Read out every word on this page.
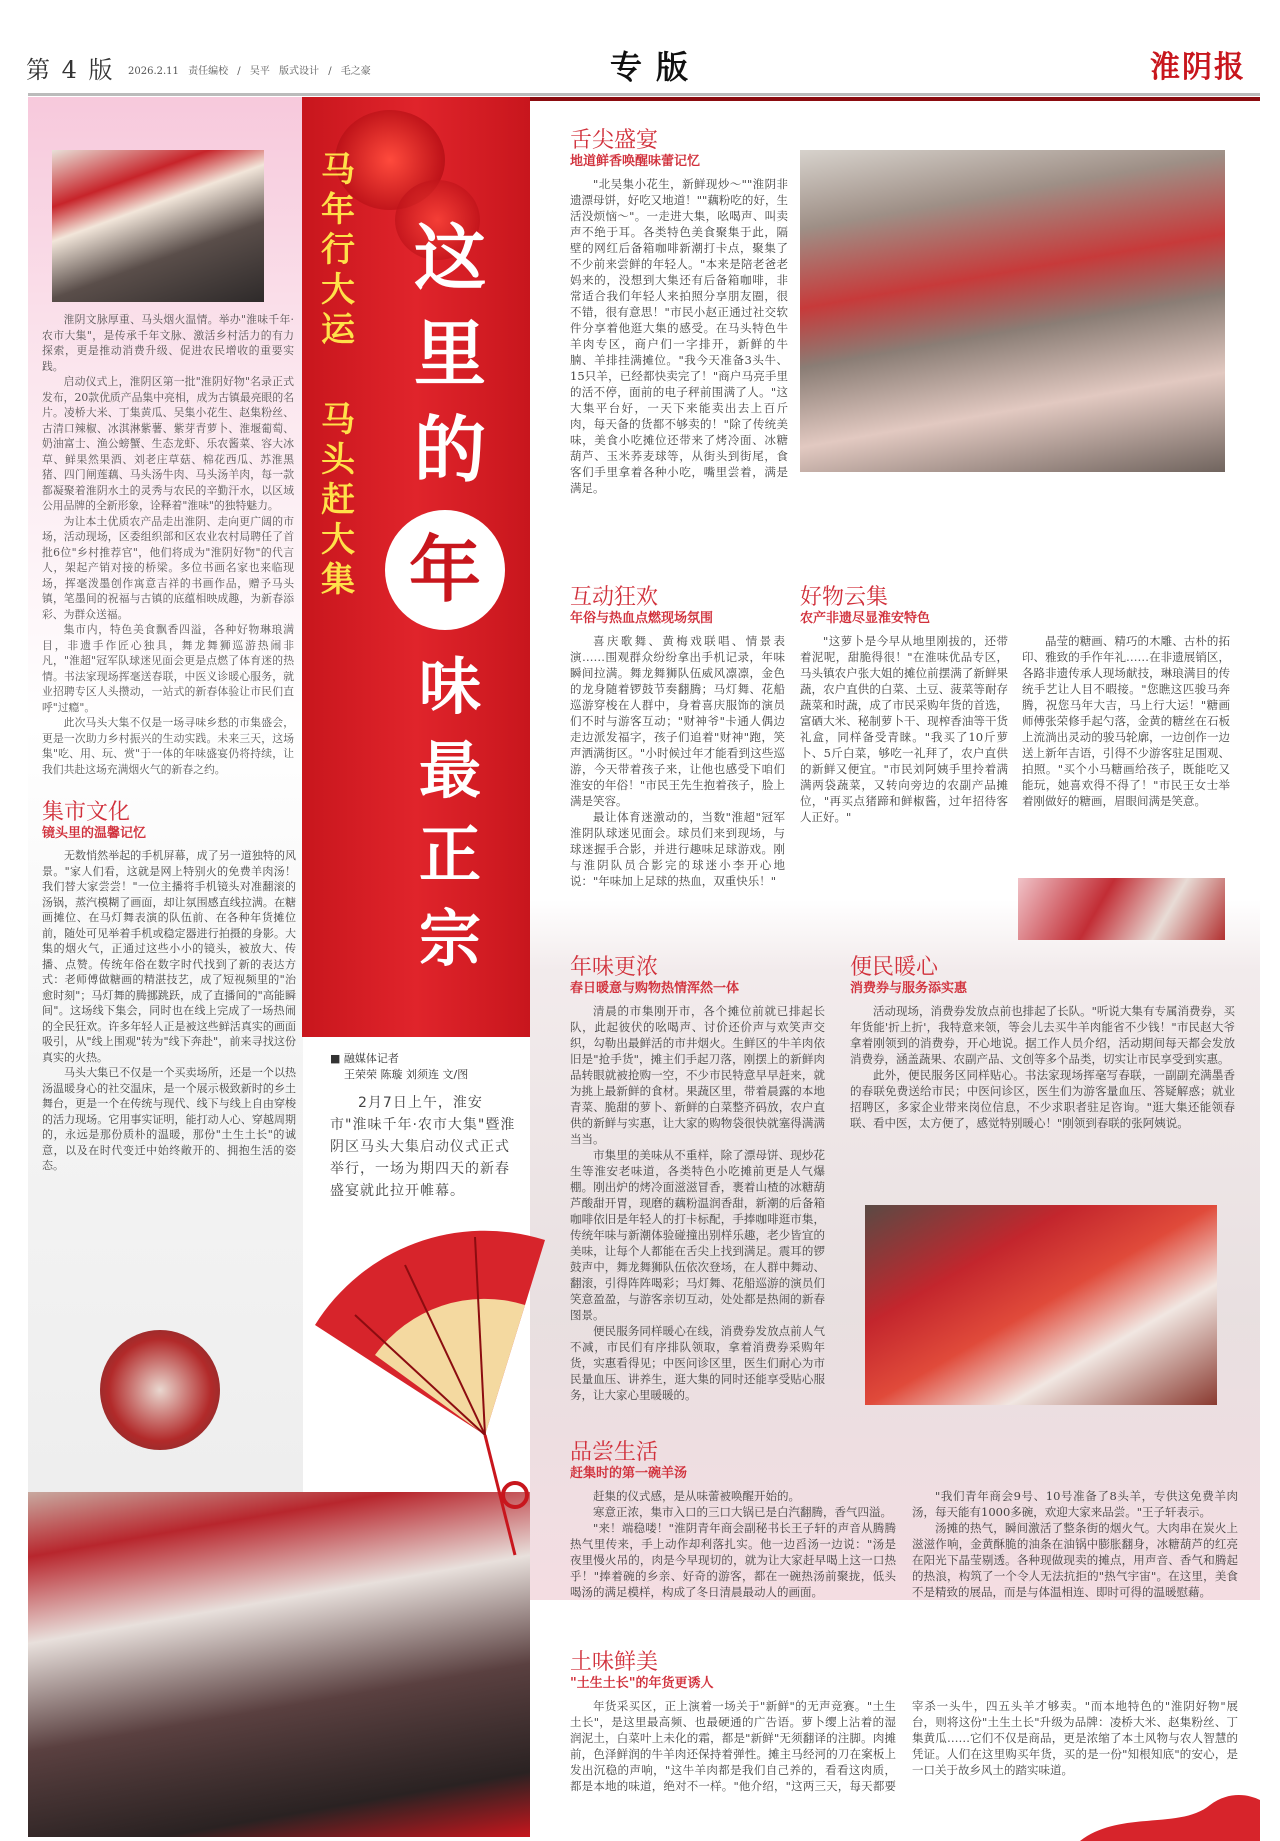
第 4 版 2026.2.11 责任编校 / 吴平 版式设计 / 毛之豪	专版	淮阴报

淮阴文脉厚重、马头烟火温情。举办"淮味千年·农市大集"，是传承千年文脉、激活乡村活力的有力探索，更是推动消费升级、促进农民增收的重要实践。

启动仪式上，淮阴区第一批"淮阴好物"名录正式发布，20款优质产品集中亮相，成为古镇最亮眼的名片。凌桥大米、丁集黄瓜、吴集小花生、赵集粉丝、古清口辣椒、冰淇淋紫薯、紫芽青萝卜、淮堰葡萄、奶油富士、渔公螃蟹、生态龙虾、乐农酱菜、容大冰草、鲜果然果酒、刘老庄草菇、棉花西瓜、苏淮黑猪、四门闸莲藕、马头汤牛肉、马头汤羊肉，每一款都凝聚着淮阴水土的灵秀与农民的辛勤汗水，以区域公用品牌的全新形象，诠释着"淮味"的独特魅力。

为让本土优质农产品走出淮阴、走向更广阔的市场，活动现场，区委组织部和区农业农村局聘任了首批6位"乡村推荐官"，他们将成为"淮阴好物"的代言人，架起产销对接的桥梁。多位书画名家也来临现场，挥毫泼墨创作寓意吉祥的书画作品，赠予马头镇，笔墨间的祝福与古镇的底蕴相映成趣，为新春添彩、为群众送福。

集市内，特色美食飘香四溢，各种好物琳琅满目，非遗手作匠心独具，舞龙舞狮巡游热闹非凡，"淮超"冠军队球迷见面会更是点燃了体育迷的热情。书法家现场挥毫送春联，中医义诊暖心服务，就业招聘专区人头攒动，一站式的新春体验让市民们直呼"过瘾"。

此次马头大集不仅是一场寻味乡愁的市集盛会，更是一次助力乡村振兴的生动实践。未来三天，这场集"吃、用、玩、赏"于一体的年味盛宴仍将持续，让我们共赴这场充满烟火气的新春之约。

集市文化
镜头里的温馨记忆

无数悄然举起的手机屏幕，成了另一道独特的风景。"家人们看，这就是网上特别火的免费羊肉汤！我们替大家尝尝！"一位主播将手机镜头对准翻滚的汤锅，蒸汽模糊了画面，却让氛围感直线拉满。在糖画摊位、在马灯舞表演的队伍前、在各种年货摊位前，随处可见举着手机或稳定器进行拍摄的身影。大集的烟火气，正通过这些小小的镜头，被放大、传播、点赞。传统年俗在数字时代找到了新的表达方式：老师傅做糖画的精湛技艺，成了短视频里的"治愈时刻"；马灯舞的腾挪跳跃，成了直播间的"高能瞬间"。这场线下集会，同时也在线上完成了一场热闹的全民狂欢。许多年轻人正是被这些鲜活真实的画面吸引，从"线上围观"转为"线下奔赴"，前来寻找这份真实的火热。

马头大集已不仅是一个买卖场所，还是一个以热汤温暖身心的社交温床，是一个展示极致新时的乡土舞台，更是一个在传统与现代、线下与线上自由穿梭的活力现场。它用事实证明，能打动人心、穿越周期的，永远是那份质朴的温暖，那份"土生土长"的诚意，以及在时代变迁中始终敞开的、拥抱生活的姿态。

马年行大运
马头赶大集
这里的
年
味最正宗
■ 融媒体记者
王荣荣 陈璇 刘须连 文/图
2月7日上午，淮安市"淮味千年·农市大集"暨淮阴区马头大集启动仪式正式举行，一场为期四天的新春盛宴就此拉开帷幕。
舌尖盛宴
地道鲜香唤醒味蕾记忆

"北吴集小花生，新鲜现炒～""淮阴非遗漂母饼，好吃又地道！""藕粉吃的好，生活没烦恼～"。一走进大集，吆喝声、叫卖声不绝于耳。各类特色美食聚集于此，隔壁的网红后备箱咖啡新潮打卡点，聚集了不少前来尝鲜的年轻人。"本来是陪老爸老妈来的，没想到大集还有后备箱咖啡，非常适合我们年轻人来拍照分享朋友圈，很不错，很有意思！"市民小赵正通过社交软件分享着他逛大集的感受。在马头特色牛羊肉专区，商户们一字排开，新鲜的牛腩、羊排挂满摊位。"我今天准备3头牛、15只羊，已经都快卖完了！"商户马亮手里的活不停，面前的电子秤前围满了人。"这大集平台好，一天下来能卖出去上百斤肉，每天备的货都不够卖的！"除了传统美味，美食小吃摊位还带来了烤冷面、冰糖葫芦、玉米荞麦球等，从街头到街尾，食客们手里拿着各种小吃，嘴里尝着，满是满足。

互动狂欢
年俗与热血点燃现场氛围

喜庆歌舞、黄梅戏联唱、情景表演……围观群众纷纷拿出手机记录，年味瞬间拉满。舞龙舞狮队伍威风凛凛，金色的龙身随着锣鼓节奏翻腾；马灯舞、花船巡游穿梭在人群中，身着喜庆服饰的演员们不时与游客互动；"财神爷"卡通人偶边走边派发福字，孩子们追着"财神"跑，笑声洒满街区。"小时候过年才能看到这些巡游，今天带着孩子来，让他也感受下咱们淮安的年俗！"市民王先生抱着孩子，脸上满是笑容。

最让体育迷激动的，当数"淮超"冠军淮阴队球迷见面会。球员们来到现场，与球迷握手合影，并进行趣味足球游戏。刚与淮阴队员合影完的球迷小李开心地说："年味加上足球的热血，双重快乐！"

好物云集
农产非遗尽显淮安特色

"这萝卜是今早从地里刚拔的，还带着泥呢，甜脆得很！"在淮味优品专区，马头镇农户张大姐的摊位前摆满了新鲜果蔬，农户直供的白菜、土豆、菠菜等耐存蔬菜和时蔬，成了市民采购年货的首选，富硒大米、秘制萝卜干、现榨香油等干货礼盒，同样备受青睐。"我买了10斤萝卜、5斤白菜，够吃一礼拜了，农户直供的新鲜又便宜。"市民刘阿姨手里拎着满满两袋蔬菜，又转向旁边的农副产品摊位，"再买点猪蹄和鲜椒酱，过年招待客人正好。"

晶莹的糖画、精巧的木雕、古朴的拓印、雅致的手作年礼……在非遗展销区，各路非遗传承人现场献技，琳琅满目的传统手艺让人目不暇接。"您瞧这匹骏马奔腾，祝您马年大吉，马上行大运！"糖画师傅张荣修手起勺落，金黄的糖丝在石板上流淌出灵动的骏马轮廓，一边创作一边送上新年吉语，引得不少游客驻足围观、拍照。"买个小马糖画给孩子，既能吃又能玩，她喜欢得不得了！"市民王女士举着刚做好的糖画，眉眼间满是笑意。

年味更浓
春日暖意与购物热情浑然一体

清晨的市集刚开市，各个摊位前就已排起长队，此起彼伏的吆喝声、讨价还价声与欢笑声交织，勾勒出最鲜活的市井烟火。生鲜区的牛羊肉依旧是"抢手货"，摊主们手起刀落，刚摆上的新鲜肉品转眼就被抢购一空，不少市民特意早早赶来，就为挑上最新鲜的食材。果蔬区里，带着晨露的本地青菜、脆甜的萝卜、新鲜的白菜整齐码放，农户直供的新鲜与实惠，让大家的购物袋很快就塞得满满当当。

市集里的美味从不重样，除了漂母饼、现炒花生等淮安老味道，各类特色小吃摊前更是人气爆棚。刚出炉的烤冷面滋滋冒香，裹着山楂的冰糖葫芦酸甜开胃，现磨的藕粉温润香甜，新潮的后备箱咖啡依旧是年轻人的打卡标配，手捧咖啡逛市集，传统年味与新潮体验碰撞出别样乐趣，老少皆宜的美味，让每个人都能在舌尖上找到满足。震耳的锣鼓声中，舞龙舞狮队伍依次登场，在人群中舞动、翻滚，引得阵阵喝彩；马灯舞、花船巡游的演员们笑意盈盈，与游客亲切互动，处处都是热闹的新春图景。

便民服务同样暖心在线，消费券发放点前人气不减，市民们有序排队领取，拿着消费券采购年货，实惠看得见；中医问诊区里，医生们耐心为市民量血压、讲养生，逛大集的同时还能享受贴心服务，让大家心里暖暖的。

便民暖心
消费券与服务添实惠

活动现场，消费券发放点前也排起了长队。"听说大集有专属消费券，买年货能'折上折'，我特意来领，等会儿去买牛羊肉能省不少钱！"市民赵大爷拿着刚领到的消费券，开心地说。据工作人员介绍，活动期间每天都会发放消费券，涵盖蔬果、农副产品、文创等多个品类，切实让市民享受到实惠。

此外，便民服务区同样贴心。书法家现场挥毫写春联，一副副充满墨香的春联免费送给市民；中医问诊区，医生们为游客量血压、答疑解惑；就业招聘区，多家企业带来岗位信息，不少求职者驻足咨询。"逛大集还能领春联、看中医，太方便了，感觉特别暖心！"刚领到春联的张阿姨说。

品尝生活
赶集时的第一碗羊汤

赶集的仪式感，是从味蕾被唤醒开始的。

寒意正浓，集市入口的三口大锅已是白汽翻腾，香气四溢。

"来！端稳喽！"淮阴青年商会副秘书长王子轩的声音从腾腾热气里传来，手上动作却利落扎实。他一边舀汤一边说："汤是夜里慢火吊的，肉是今早现切的，就为让大家赶早喝上这一口热乎！"捧着碗的乡亲、好奇的游客，都在一碗热汤前聚拢，低头喝汤的满足模样，构成了冬日清晨最动人的画面。

"我们青年商会9号、10号准备了8头羊，专供这免费羊肉汤，每天能有1000多碗，欢迎大家来品尝。"王子轩表示。

汤摊的热气，瞬间激活了整条街的烟火气。大肉串在炭火上滋滋作响，金黄酥脆的油条在油锅中膨胀翻身，冰糖葫芦的红亮在阳光下晶莹剔透。各种现做现卖的摊点，用声音、香气和腾起的热浪，构筑了一个令人无法抗拒的"热气宇宙"。在这里，美食不是精致的展品，而是与体温相连、即时可得的温暖慰藉。

土味鲜美
"土生土长"的年货更诱人

年货采买区，正上演着一场关于"新鲜"的无声竞赛。"土生土长"，是这里最高频、也最硬通的广告语。萝卜缨上沾着的湿润泥土，白菜叶上未化的霜，都是"新鲜"无须翻译的注脚。肉摊前，色泽鲜润的牛羊肉还保持着弹性。摊主马经河的刀在案板上发出沉稳的声响，"这牛羊肉都是我们自己养的，看看这肉质，都是本地的味道，绝对不一样。"他介绍，"这两三天，每天都要宰杀一头牛，四五头羊才够卖。"而本地特色的"淮阴好物"展台，则将这份"土生土长"升级为品牌：凌桥大米、赵集粉丝、丁集黄瓜……它们不仅是商品，更是浓缩了本土风物与农人智慧的凭证。人们在这里购买年货，买的是一份"知根知底"的安心，是一口关于故乡风土的踏实味道。
